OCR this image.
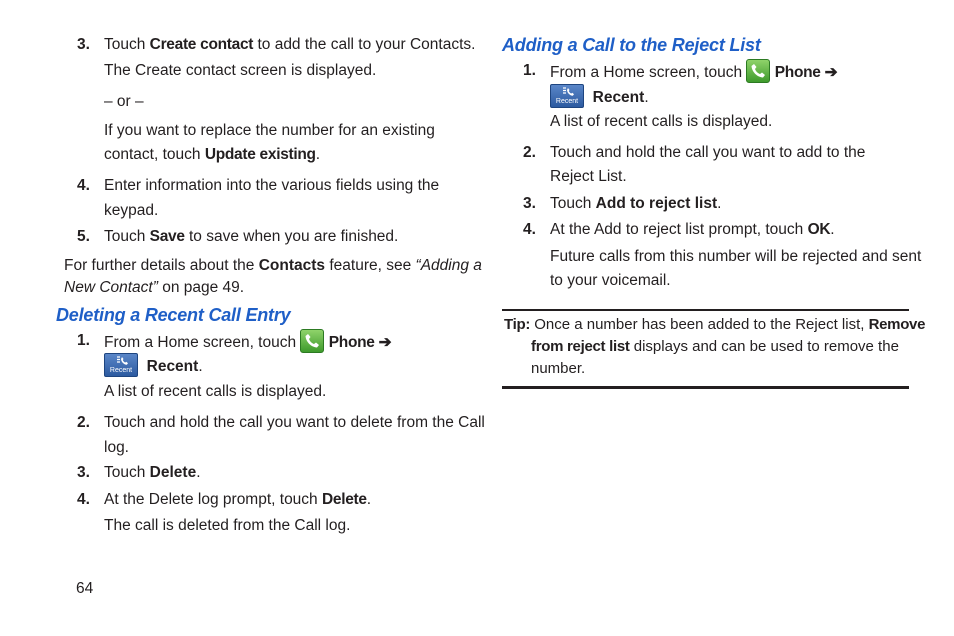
3. Touch Create contact to add the call to your Contacts.
The Create contact screen is displayed.
– or –
If you want to replace the number for an existing
contact, touch Update existing.
4. Enter information into the various fields using the
keypad.
5. Touch Save to save when you are finished.
For further details about the Contacts feature, see “Adding a
New Contact” on page 49.
Deleting a Recent Call Entry
1. From a Home screen, touch
Phone ➔
Recent Recent.
A list of recent calls is displayed.
2. Touch and hold the call you want to delete from the Call
log.
3. Touch Delete.
4. At the Delete log prompt, touch Delete.
The call is deleted from the Call log.
64
Adding a Call to the Reject List
1. From a Home screen, touch
Phone ➔
Recent Recent.
A list of recent calls is displayed.
2. Touch and hold the call you want to add to the
Reject List.
3. Touch Add to reject list.
4. At the Add to reject list prompt, touch OK.
Future calls from this number will be rejected and sent
to your voicemail.
Tip: Once a number has been added to the Reject list, Remove
from reject list displays and can be used to remove the
number.
